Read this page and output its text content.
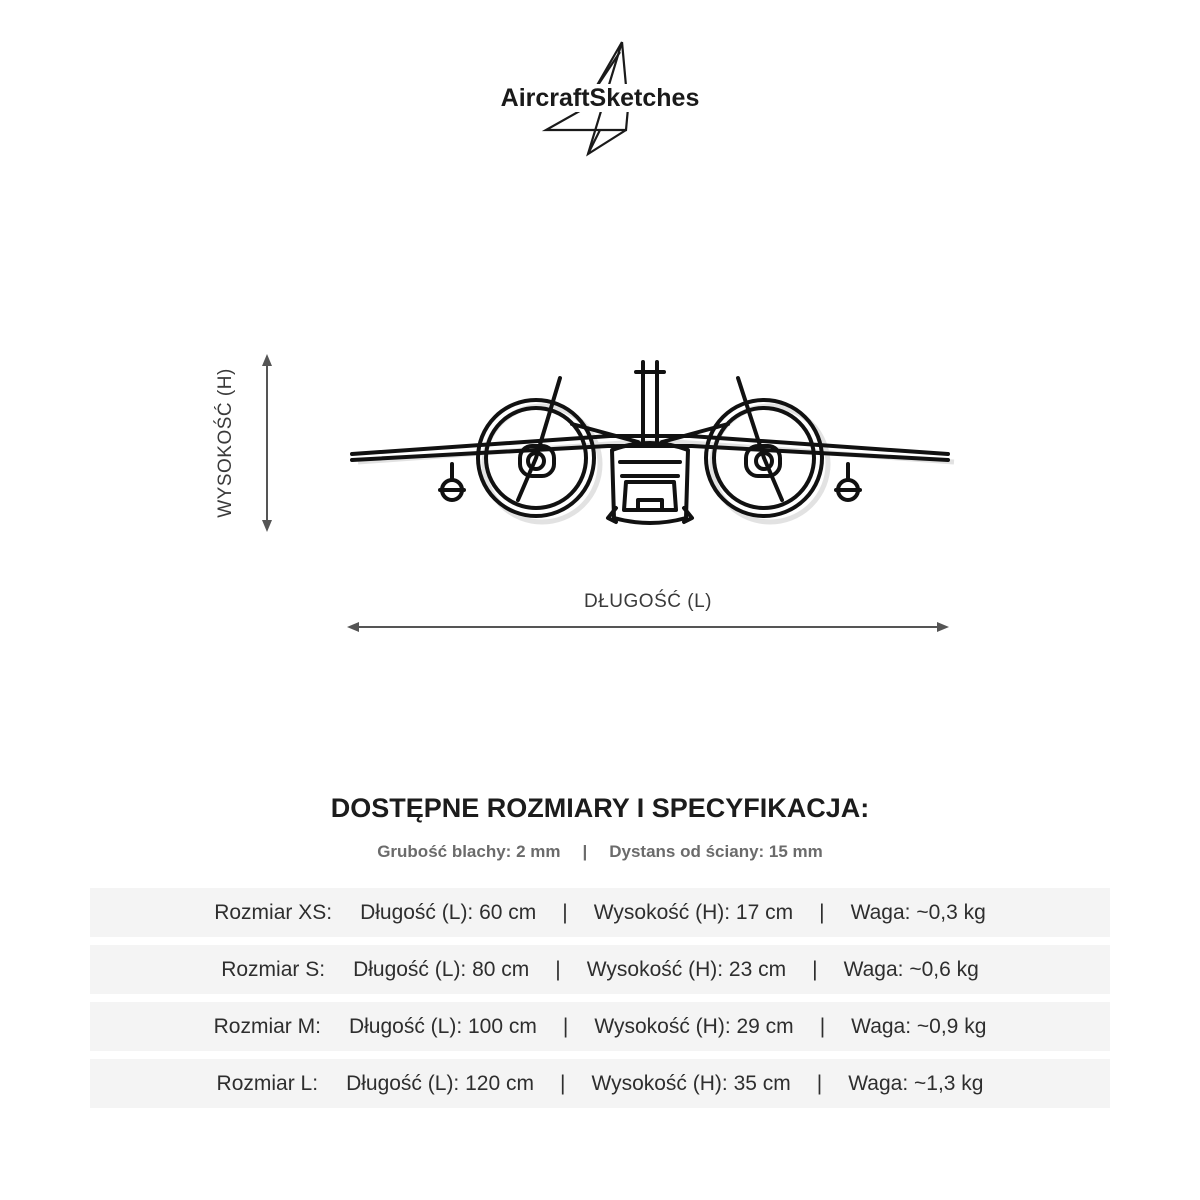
AircraftSketches
WYSOKOŚĆ (H)
DŁUGOŚĆ (L)
DOSTĘPNE ROZMIARY I SPECYFIKACJA:
Grubość blachy: 2 mm | Dystans od ściany: 15 mm
Rozmiar XS:	Długość (L): 60 cm	|	Wysokość (H): 17 cm	|	Waga: ~0,3 kg
Rozmiar S:	Długość (L): 80 cm	|	Wysokość (H): 23 cm	|	Waga: ~0,6 kg
Rozmiar M:	Długość (L): 100 cm	|	Wysokość (H): 29 cm	|	Waga: ~0,9 kg
Rozmiar L:	Długość (L): 120 cm	|	Wysokość (H): 35 cm	|	Waga: ~1,3 kg
